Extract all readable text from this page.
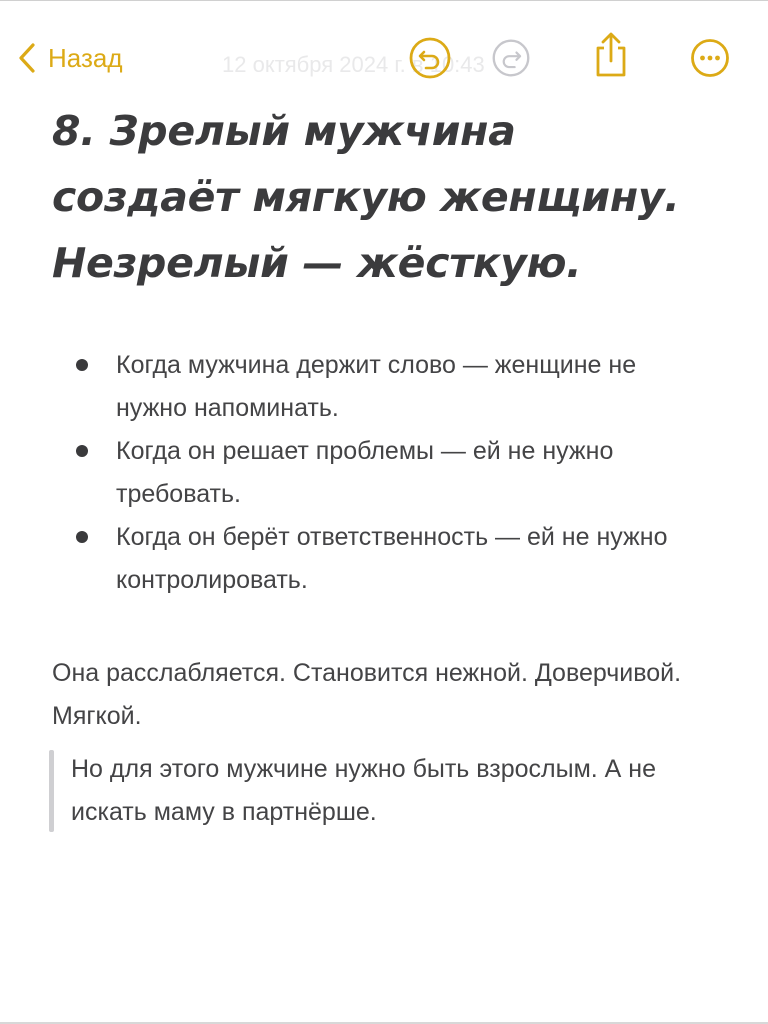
Назад	12 октября 2024 г. в 10:43
8. Зрелый мужчина
создаёт мягкую женщину.
Незрелый — жёсткую.
Когда мужчина держит слово — женщине не нужно напоминать.
Когда он решает проблемы — ей не нужно требовать.
Когда он берёт ответственность — ей не нужно контролировать.

Она расслабляется. Становится нежной. Доверчивой. Мягкой.

Но для этого мужчине нужно быть взрослым. А не искать маму в партнёрше.
